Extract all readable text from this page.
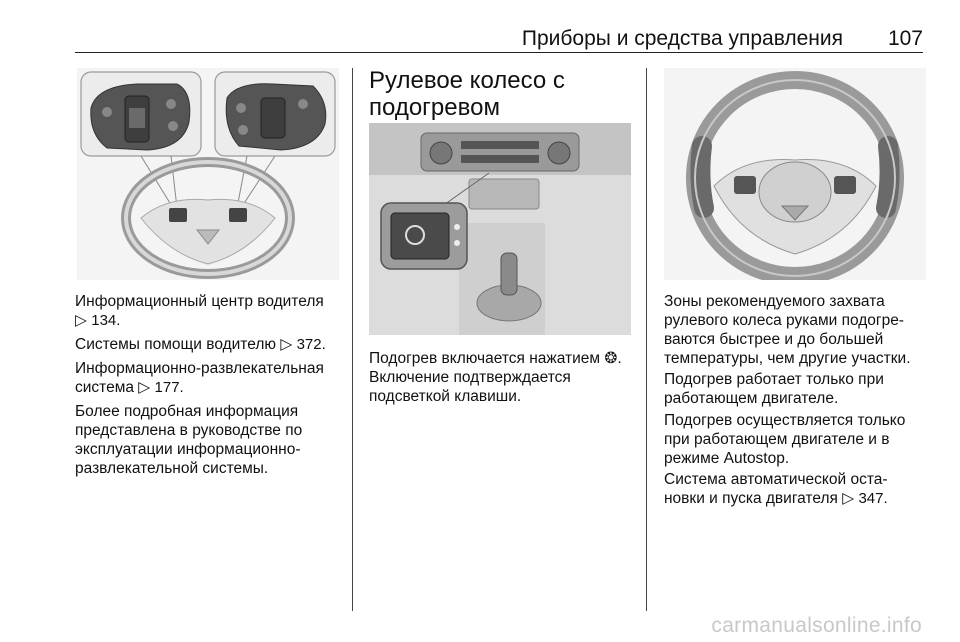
Приборы и средства управления 107

Информационный центр водителя
▷ 134.

Системы помощи водителю ▷ 372.

Информационно-развлекательная
система ▷ 177.

Более подробная информация
представлена в руководстве по
эксплуатации информационно-
развлекательной системы.

Рулевое колесо с
подогревом

Подогрев включается нажатием ❂.
Включение подтверждается
подсветкой клавиши.

Зоны рекомендуемого захвата
рулевого колеса руками подогре-
ваются быстрее и до большей
температуры, чем другие участки.

Подогрев работает только при
работающем двигателе.

Подогрев осуществляется только
при работающем двигателе и в
режиме Autostop.

Система автоматической оста-
новки и пуска двигателя ▷ 347.

carmanualsonline.info
